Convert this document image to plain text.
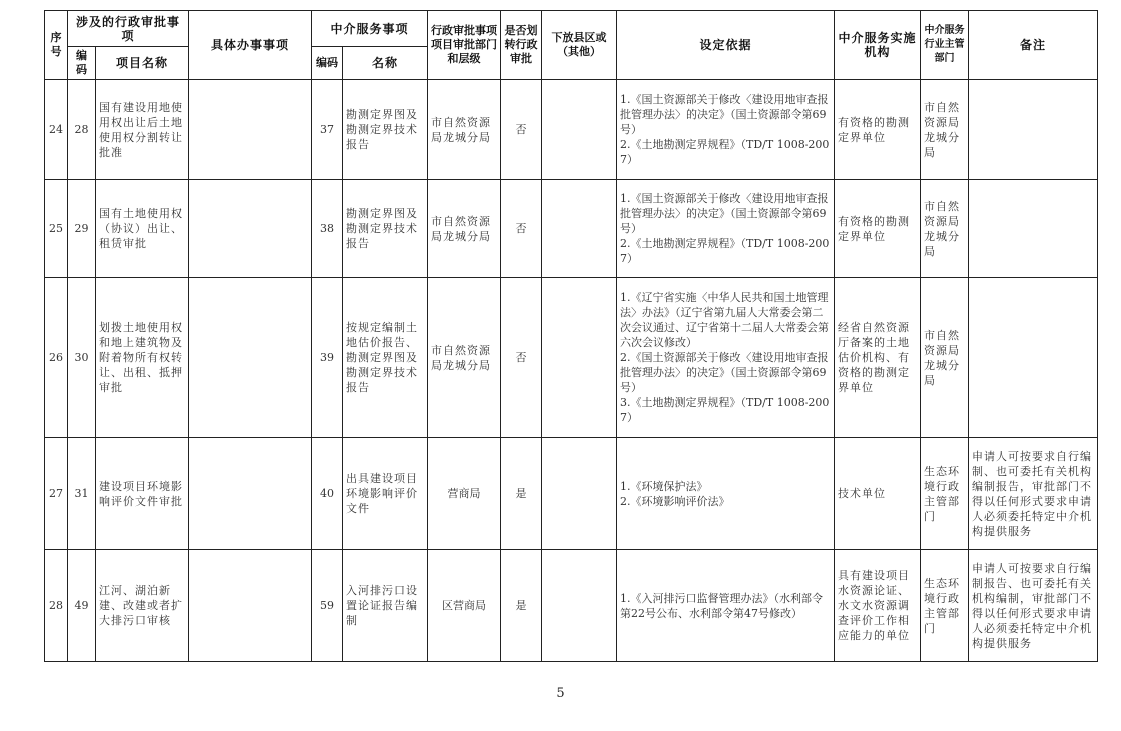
序号	涉及的行政审批事项		具体办事事项	中介服务事项		行政审批事项项目审批部门和层级	是否划转行政审批	下放县区或（其他）	设定依据	中介服务实施机构	中介服务行业主管部门	备注
	编码	项目名称		编码	名称							
24	28	国有建设用地使用权出让后土地使用权分割转让批准		37	勘测定界图及勘测定界技术报告	市自然资源局龙城分局	否		1.《国土资源部关于修改〈建设用地审查报批管理办法〉的决定》（国土资源部令第69号）
2.《土地勘测定界规程》（TD/T 1008-2007）	有资格的勘测定界单位	市自然资源局龙城分局	
25	29	国有土地使用权（协议）出让、租赁审批		38	勘测定界图及勘测定界技术报告	市自然资源局龙城分局	否		1.《国土资源部关于修改〈建设用地审查报批管理办法〉的决定》（国土资源部令第69号）
2.《土地勘测定界规程》（TD/T 1008-2007）	有资格的勘测定界单位	市自然资源局龙城分局	
26	30	划拨土地使用权和地上建筑物及附着物所有权转让、出租、抵押审批		39	按规定编制土地估价报告、勘测定界图及勘测定界技术报告	市自然资源局龙城分局	否		1.《辽宁省实施〈中华人民共和国土地管理法〉办法》（辽宁省第九届人大常委会第二次会议通过、辽宁省第十二届人大常委会第六次会议修改）
2.《国土资源部关于修改〈建设用地审查报批管理办法〉的决定》（国土资源部令第69号）
3.《土地勘测定界规程》（TD/T 1008-2007）	经省自然资源厅备案的土地估价机构、有资格的勘测定界单位	市自然资源局龙城分局	
27	31	建设项目环境影响评价文件审批		40	出具建设项目环境影响评价文件	营商局	是		1.《环境保护法》
2.《环境影响评价法》	技术单位	生态环境行政主管部门	申请人可按要求自行编制、也可委托有关机构编制报告，审批部门不得以任何形式要求申请人必须委托特定中介机构提供服务
28	49	江河、湖泊新建、改建或者扩大排污口审核		59	入河排污口设置论证报告编制	区营商局	是		1.《入河排污口监督管理办法》（水利部令第22号公布、水利部令第47号修改）	具有建设项目水资源论证、水文水资源调查评价工作相应能力的单位	生态环境行政主管部门	申请人可按要求自行编制报告、也可委托有关机构编制，审批部门不得以任何形式要求申请人必须委托特定中介机构提供服务
5
